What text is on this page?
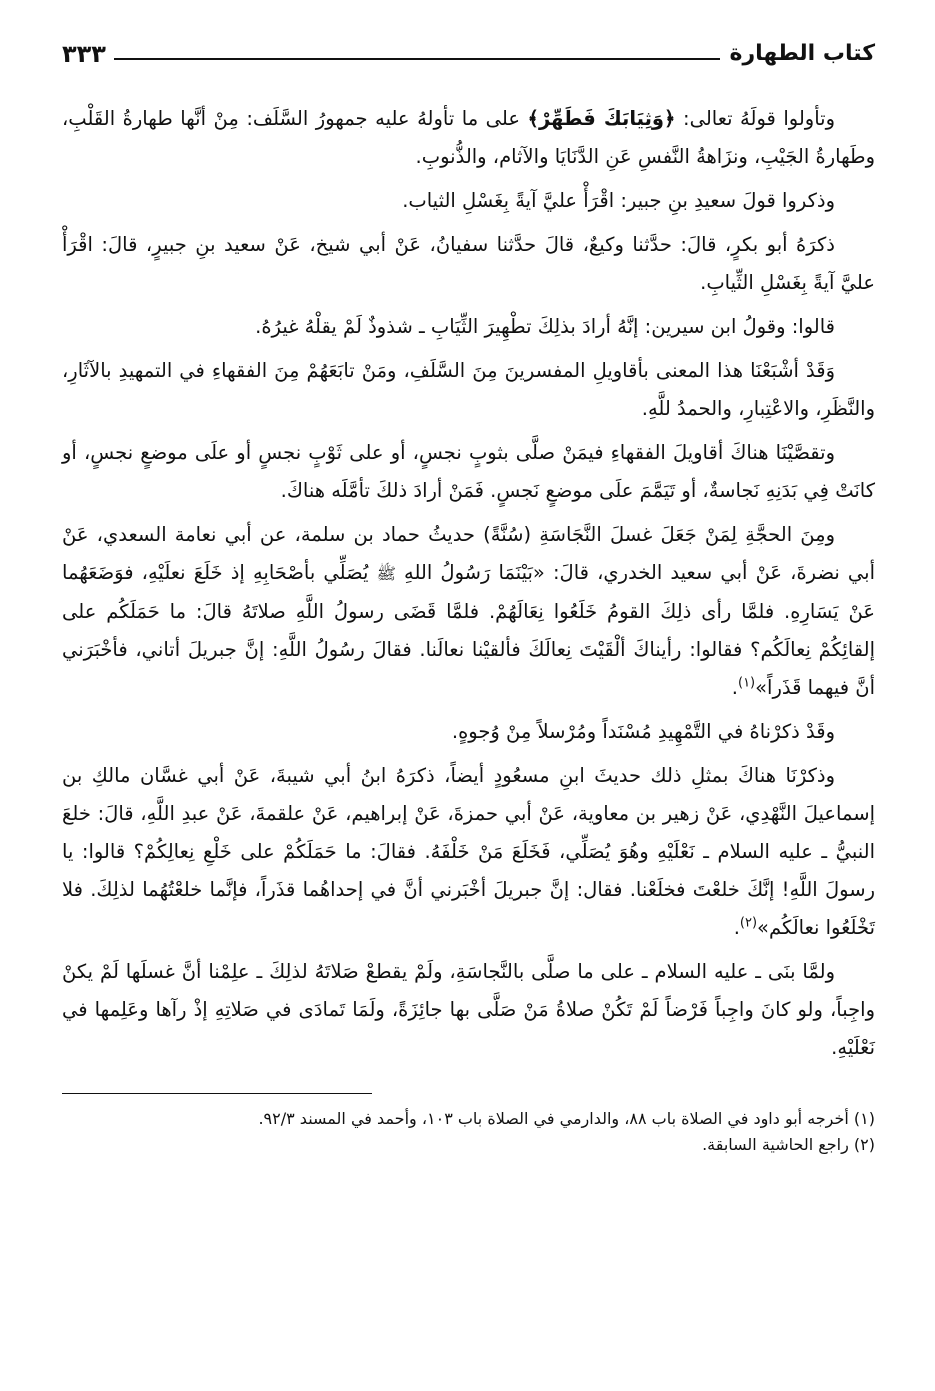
كتاب الطهارة
٣٣٣

وتأولوا قولَهُ تعالى: ﴿وَثِيَابَكَ فَطَهِّرْ﴾ على ما تأولهُ عليه جمهورُ السَّلَف: مِنْ أنَّها طهارةُ القَلْبِ، وطَهارةُ الجَيْبِ، ونزَاهةُ النَّفسِ عَنِ الدَّنَايَا والآثام، والذُّنوبِ.

وذكروا قولَ سعيدِ بنِ جبير: اقْرَأْ عليَّ آيةً بِغَسْلِ الثياب.

ذكرَهُ أبو بكرٍ، قالَ: حدَّثنا وكيعٌ، قالَ حدَّثنا سفيانُ، عَنْ أبي شيخ، عَنْ سعيد بنِ جبيرٍ، قالَ: اقْرَأْ عليَّ آيةً بِغَسْلِ الثِّيابِ.

قالوا: وقولُ ابن سيرين: إنَّهُ أرادَ بذلِكَ تطْهِيرَ الثِّيَابِ ـ شذوذٌ لَمْ يقلْهُ غيرُهُ.

وَقَدْ أشْبَعْنَا هذا المعنى بأقاويلِ المفسرينَ مِنَ السَّلَفِ، ومَنْ تابَعَهُمْ مِنَ الفقهاءِ في التمهيدِ بالآثَارِ، والنَّظَرِ، والاعْتِبارِ، والحمدُ للَّهِ.

وتقصَّيْنَا هناكَ أقاويلَ الفقهاءِ فيمَنْ صلَّى بثوبٍ نجسٍ، أو على ثَوْبٍ نجسٍ أو علَى موضعٍ نجسٍ، أو كانَتْ فِي بَدَنِهِ نَجاسةٌ، أو تَيَمَّمَ علَى موضعٍ نَجسٍ. فَمَنْ أرادَ ذلكَ تأمَّلَه هناكَ.

ومِنَ الحجَّةِ لِمَنْ جَعَلَ غسلَ النَّجَاسَةِ (سُنَّةً) حديثُ حماد بن سلمة، عن أبي نعامة السعدي، عَنْ أبي نضرةَ، عَنْ أبي سعيد الخدري، قالَ: «بَيْنَمَا رَسُولُ اللهِ ﷺ يُصَلِّي بأصْحَابِهِ إذ خَلَعَ نعلَيْهِ، فوَضَعَهُما عَنْ يَسَارِهِ. فلمَّا رأى ذلِكَ القومُ خَلَعُوا نِعَالَهُمْ. فلمَّا قَضَى رسولُ اللَّهِ صلاتَهُ قالَ: ما حَمَلَكُم على إلقائِكُمْ نِعالَكُم؟ فقالوا: رأيناكَ ألْقَيْتَ نِعالَكَ فألقيْنا نعالَنا. فقالَ رسُولُ اللَّهِ: إنَّ جبريلَ أتاني، فأخْبَرَني أنَّ فيهما قَذَراً»$^{(١)}$.

وقَدْ ذكرْناهُ في التَّمْهِيدِ مُسْنَداً ومُرْسلاً مِنْ وُجوهٍ.

وذكرْنَا هناكَ بمثلِ ذلك حديثَ ابنِ مسعُودٍ أيضاً، ذكرَهُ ابنُ أبي شيبةَ، عَنْ أبي غسَّان مالكِ بن إسماعيلَ النَّهْدِي، عَنْ زهير بن معاوية، عَنْ أبي حمزةَ، عَنْ إبراهيم، عَنْ علقمةَ، عَنْ عبدِ اللَّهِ، قالَ: خلعَ النبيُّ ـ عليه السلام ـ نَعْلَيْهِ وهُوَ يُصَلِّي، فَخَلَعَ مَنْ خَلْفَهُ. فقالَ: ما حَمَلَكُمْ على خَلْعِ نِعالِكُمْ؟ قالوا: يا رسولَ اللَّهِ! إنَّكَ خلعْتَ فخلَعْنا. فقال: إنَّ جبريلَ أخْبَرني أنَّ في إحداهُما قذَراً، فإنَّما خلعْتُهُما لذلِكَ. فلا تَخْلَعُوا نعالَكُم»$^{(٢)}$.

ولمَّا بنَى ـ عليه السلام ـ على ما صلَّى بالنَّجاسَةِ، ولَمْ يقطعْ صَلاتَهُ لذلِكَ ـ علِمْنا أنَّ غسلَها لَمْ يكنْ واجِباً، ولو كانَ واجِباً فَرْضاً لَمْ تَكُنْ صلاةُ مَنْ صَلَّى بها جائِزَةً، ولَمَا تَمادَى في صَلاتِهِ إذْ رآها وعَلِمها في نَعْلَيْهِ.

(١) أخرجه أبو داود في الصلاة باب ٨٨، والدارمي في الصلاة باب ١٠٣، وأحمد في المسند ٩٢/٣.

(٢) راجع الحاشية السابقة.
